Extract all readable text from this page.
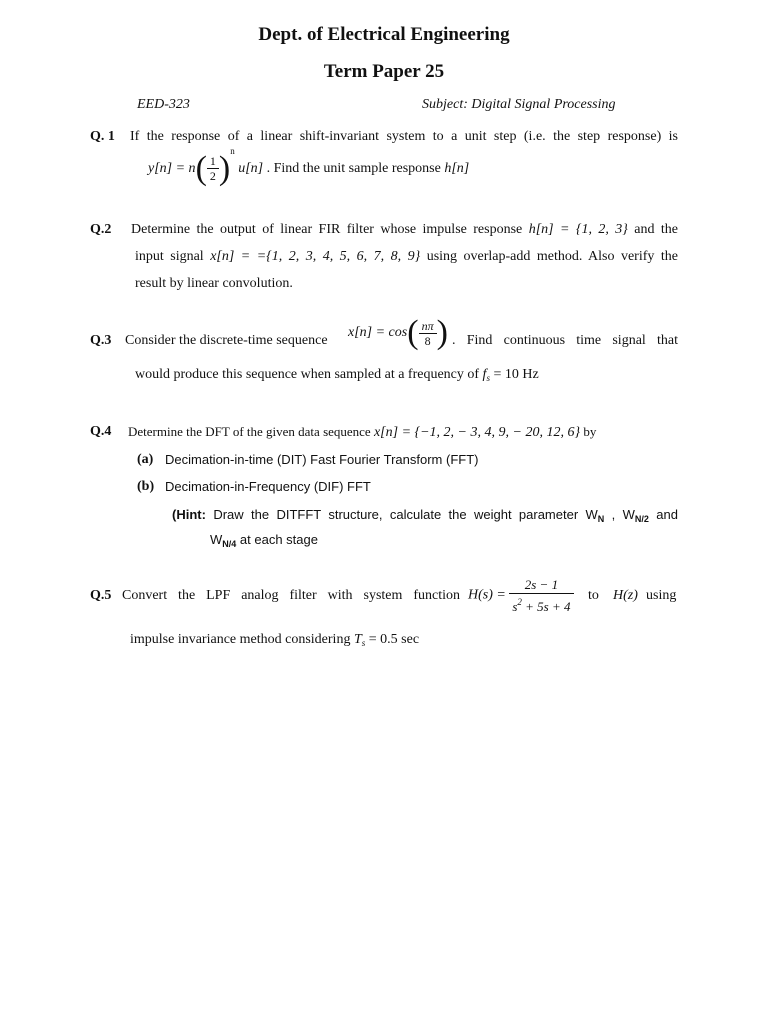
Dept. of Electrical Engineering
Term Paper 25
EED-323	Subject: Digital Signal Processing
Q. 1 If the response of a linear shift-invariant system to a unit step (i.e. the step response) is
$y[n] = n( \frac{1}{2} )^n$ u[n] . Find the unit sample response h[n]
Q.2 Determine the output of linear FIR filter whose impulse response h[n] = {1, 2, 3} and the
input signal x[n] = ={1, 2, 3, 4, 5, 6, 7, 8, 9} using overlap-add method. Also verify the
result by linear convolution.
Q.3 Consider the discrete-time sequence
$x[n] = \cos( \frac{n\pi}{8}$ ) . Find continuous time signal that
would produce this sequence when sampled at a frequency of $f_s = 10$ Hz
Q.4 Determine the DFT of the given data sequence x[n] = {−1, 2, − 3, 4, 9, − 20, 12, 6} by
(a) Decimation-in-time (DIT) Fast Fourier Transform (FFT)
(b) Decimation-in-Frequency (DIF) FFT
(Hint: Draw the DITFFT structure, calculate the weight parameter $W_N$ , $W_{N/2}$ and
$W_{N/4}$ at each stage
Q.5 Convert the LPF analog filter with system function $H(s) = \frac{2s - 1}{s^2 + 5s + 4}$ to H(z) using
impulse invariance method considering $T_s = 0.5$ sec
